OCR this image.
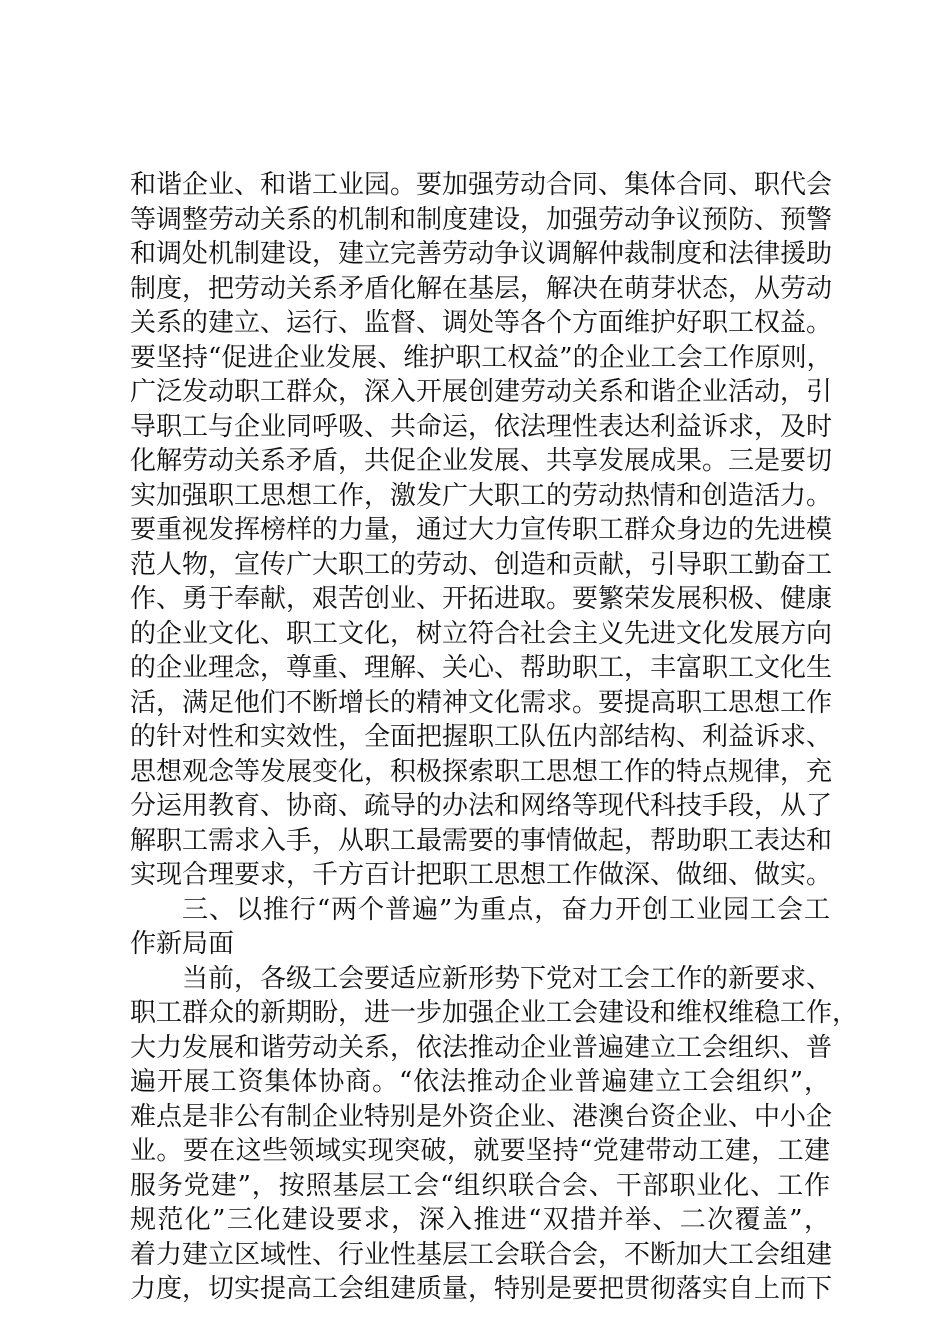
和谐企业、和谐工业园。要加强劳动合同、集体合同、职代会
等调整劳动关系的机制和制度建设，加强劳动争议预防、预警
和调处机制建设，建立完善劳动争议调解仲裁制度和法律援助
制度，把劳动关系矛盾化解在基层，解决在萌芽状态，从劳动
关系的建立、运行、监督、调处等各个方面维护好职工权益。
要坚持“促进企业发展、维护职工权益”的企业工会工作原则，
广泛发动职工群众，深入开展创建劳动关系和谐企业活动，引
导职工与企业同呼吸、共命运，依法理性表达利益诉求，及时
化解劳动关系矛盾，共促企业发展、共享发展成果。三是要切
实加强职工思想工作，激发广大职工的劳动热情和创造活力。
要重视发挥榜样的力量，通过大力宣传职工群众身边的先进模
范人物，宣传广大职工的劳动、创造和贡献，引导职工勤奋工
作、勇于奉献，艰苦创业、开拓进取。要繁荣发展积极、健康
的企业文化、职工文化，树立符合社会主义先进文化发展方向
的企业理念，尊重、理解、关心、帮助职工，丰富职工文化生
活，满足他们不断增长的精神文化需求。要提高职工思想工作
的针对性和实效性，全面把握职工队伍内部结构、利益诉求、
思想观念等发展变化，积极探索职工思想工作的特点规律，充
分运用教育、协商、疏导的办法和网络等现代科技手段，从了
解职工需求入手，从职工最需要的事情做起，帮助职工表达和
实现合理要求，千方百计把职工思想工作做深、做细、做实。
三、以推行“两个普遍”为重点，奋力开创工业园工会工
作新局面
当前，各级工会要适应新形势下党对工会工作的新要求、
职工群众的新期盼，进一步加强企业工会建设和维权维稳工作，
大力发展和谐劳动关系，依法推动企业普遍建立工会组织、普
遍开展工资集体协商。“依法推动企业普遍建立工会组织”，
难点是非公有制企业特别是外资企业、港澳台资企业、中小企
业。要在这些领域实现突破，就要坚持“党建带动工建，工建
服务党建”，按照基层工会“组织联合会、干部职业化、工作
规范化”三化建设要求，深入推进“双措并举、二次覆盖”，
着力建立区域性、行业性基层工会联合会，不断加大工会组建
力度，切实提高工会组建质量，特别是要把贯彻落实自上而下
